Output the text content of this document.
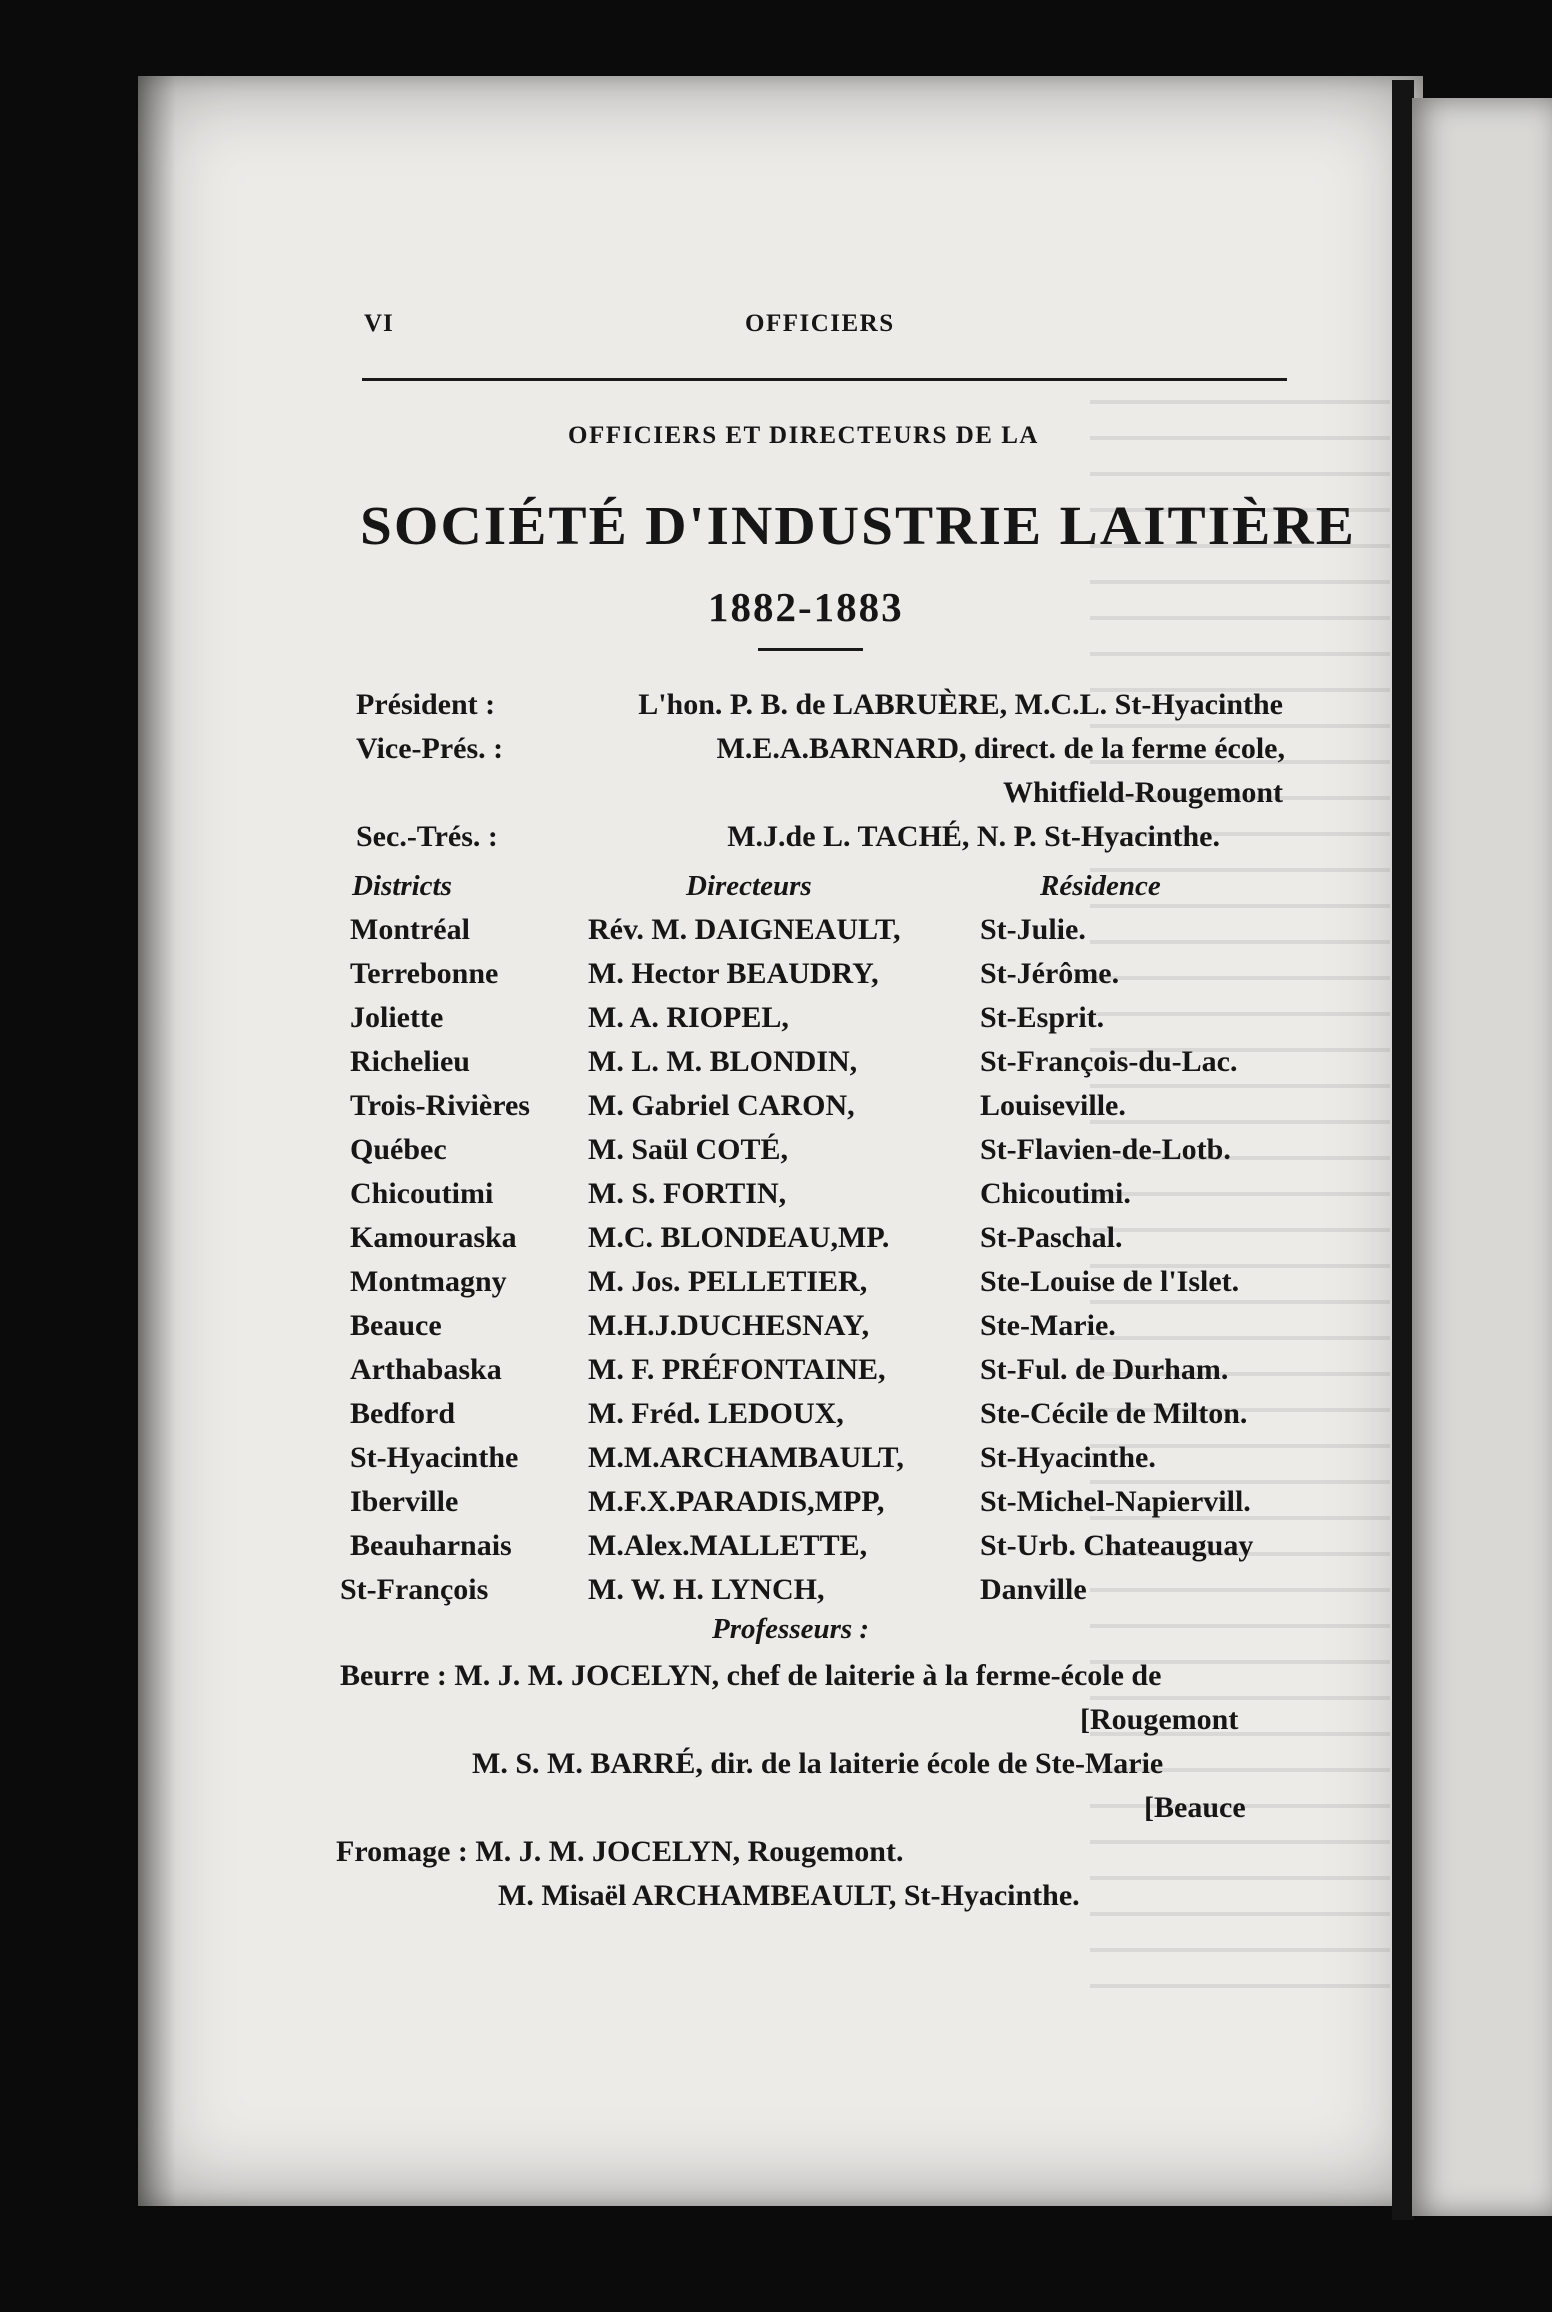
VI	OFFICIERS
OFFICIERS ET DIRECTEURS DE LA
SOCIÉTÉ D'INDUSTRIE LAITIÈRE
1882-1883
Président :	L'hon. P. B. de LABRUÈRE, M.C.L. St-Hyacinthe
Vice-Prés. :	M.E.A.BARNARD, direct. de la ferme école,
Whitfield-Rougemont
Sec.-Trés. :	M.J.de L. TACHÉ, N. P. St-Hyacinthe.
Districts	Directeurs	Résidence
Montréal	Rév. M. DAIGNEAULT,	St-Julie.
Terrebonne	M. Hector BEAUDRY,	St-Jérôme.
Joliette	M. A. RIOPEL,	St-Esprit.
Richelieu	M. L. M. BLONDIN,	St-François-du-Lac.
Trois-Rivières M. Gabriel CARON,	Louiseville.
Québec	M. Saül COTÉ,	St-Flavien-de-Lotb.
Chicoutimi	M. S. FORTIN,	Chicoutimi.
Kamouraska M.C. BLONDEAU,MP.	St-Paschal.
Montmagny	M. Jos. PELLETIER,	Ste-Louise de l'Islet.
Beauce	M.H.J.DUCHESNAY,	Ste-Marie.
Arthabaska	M. F. PRÉFONTAINE,	St-Ful. de Durham.
Bedford	M. Fréd. LEDOUX,	Ste-Cécile de Milton.
St-Hyacinthe M.M.ARCHAMBAULT,	St-Hyacinthe.
Iberville	M.F.X.PARADIS,MPP,	St-Michel-Napiervill.
Beauharnais	M.Alex.MALLETTE,	St-Urb. Chateauguay
St-François	M. W. H. LYNCH,	Danville
Professeurs :
Beurre : M. J. M. JOCELYN, chef de laiterie à la ferme-école de
[Rougemont
M. S. M. BARRÉ, dir. de la laiterie école de Ste-Marie
[Beauce
Fromage : M. J. M. JOCELYN, Rougemont.
M. Misaël ARCHAMBEAULT, St-Hyacinthe.
